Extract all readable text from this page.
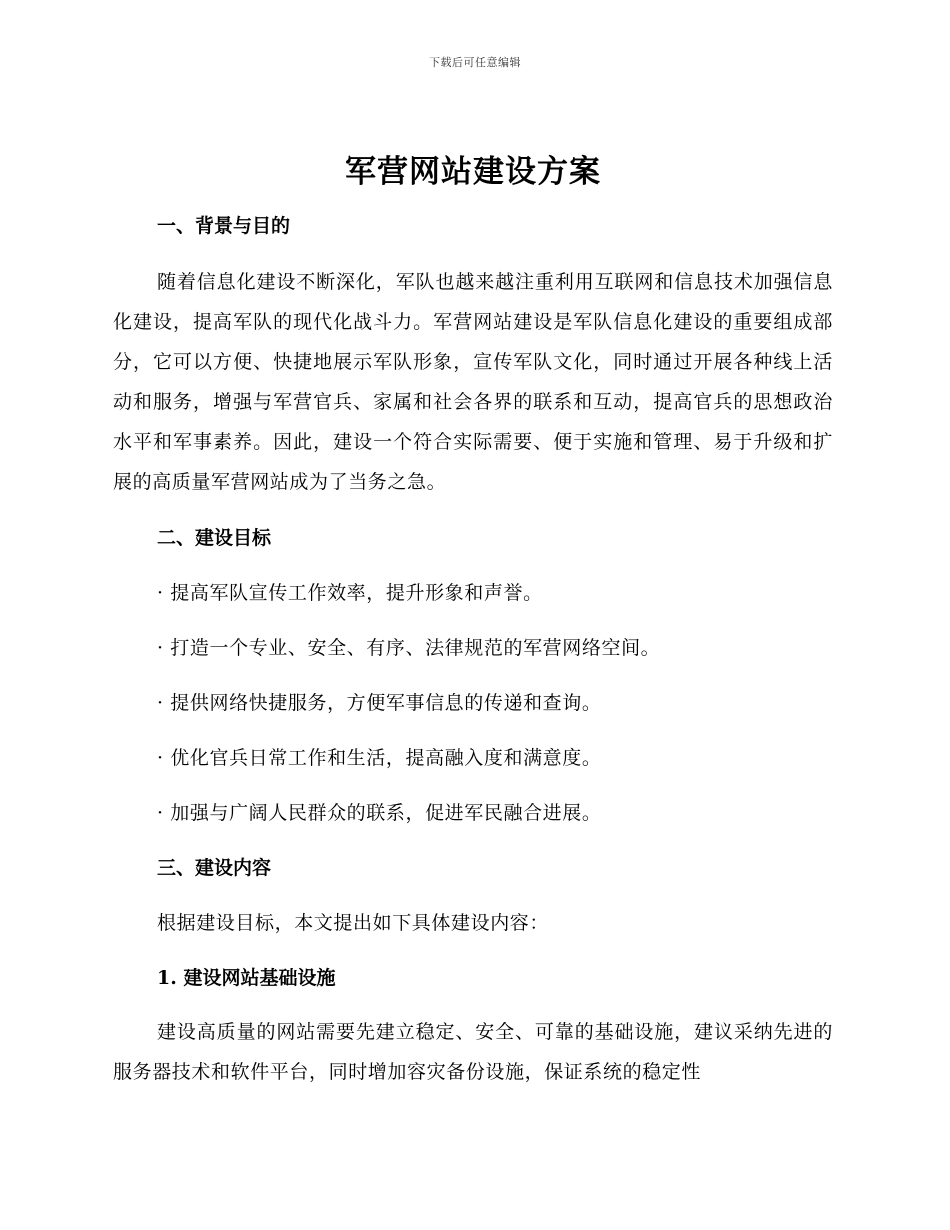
下载后可任意编辑
军营网站建设方案
一、背景与目的

随着信息化建设不断深化，军队也越来越注重利用互联网和信息技术加强信息化建设，提高军队的现代化战斗力。军营网站建设是军队信息化建设的重要组成部分，它可以方便、快捷地展示军队形象，宣传军队文化，同时通过开展各种线上活动和服务，增强与军营官兵、家属和社会各界的联系和互动，提高官兵的思想政治水平和军事素养。因此，建设一个符合实际需要、便于实施和管理、易于升级和扩展的高质量军营网站成为了当务之急。

二、建设目标

· 提高军队宣传工作效率，提升形象和声誉。

· 打造一个专业、安全、有序、法律规范的军营网络空间。

· 提供网络快捷服务，方便军事信息的传递和查询。

· 优化官兵日常工作和生活，提高融入度和满意度。

· 加强与广阔人民群众的联系，促进军民融合进展。

三、建设内容

根据建设目标，本文提出如下具体建设内容：

1. 建设网站基础设施

建设高质量的网站需要先建立稳定、安全、可靠的基础设施，建议采纳先进的服务器技术和软件平台，同时增加容灾备份设施，保证系统的稳定性
